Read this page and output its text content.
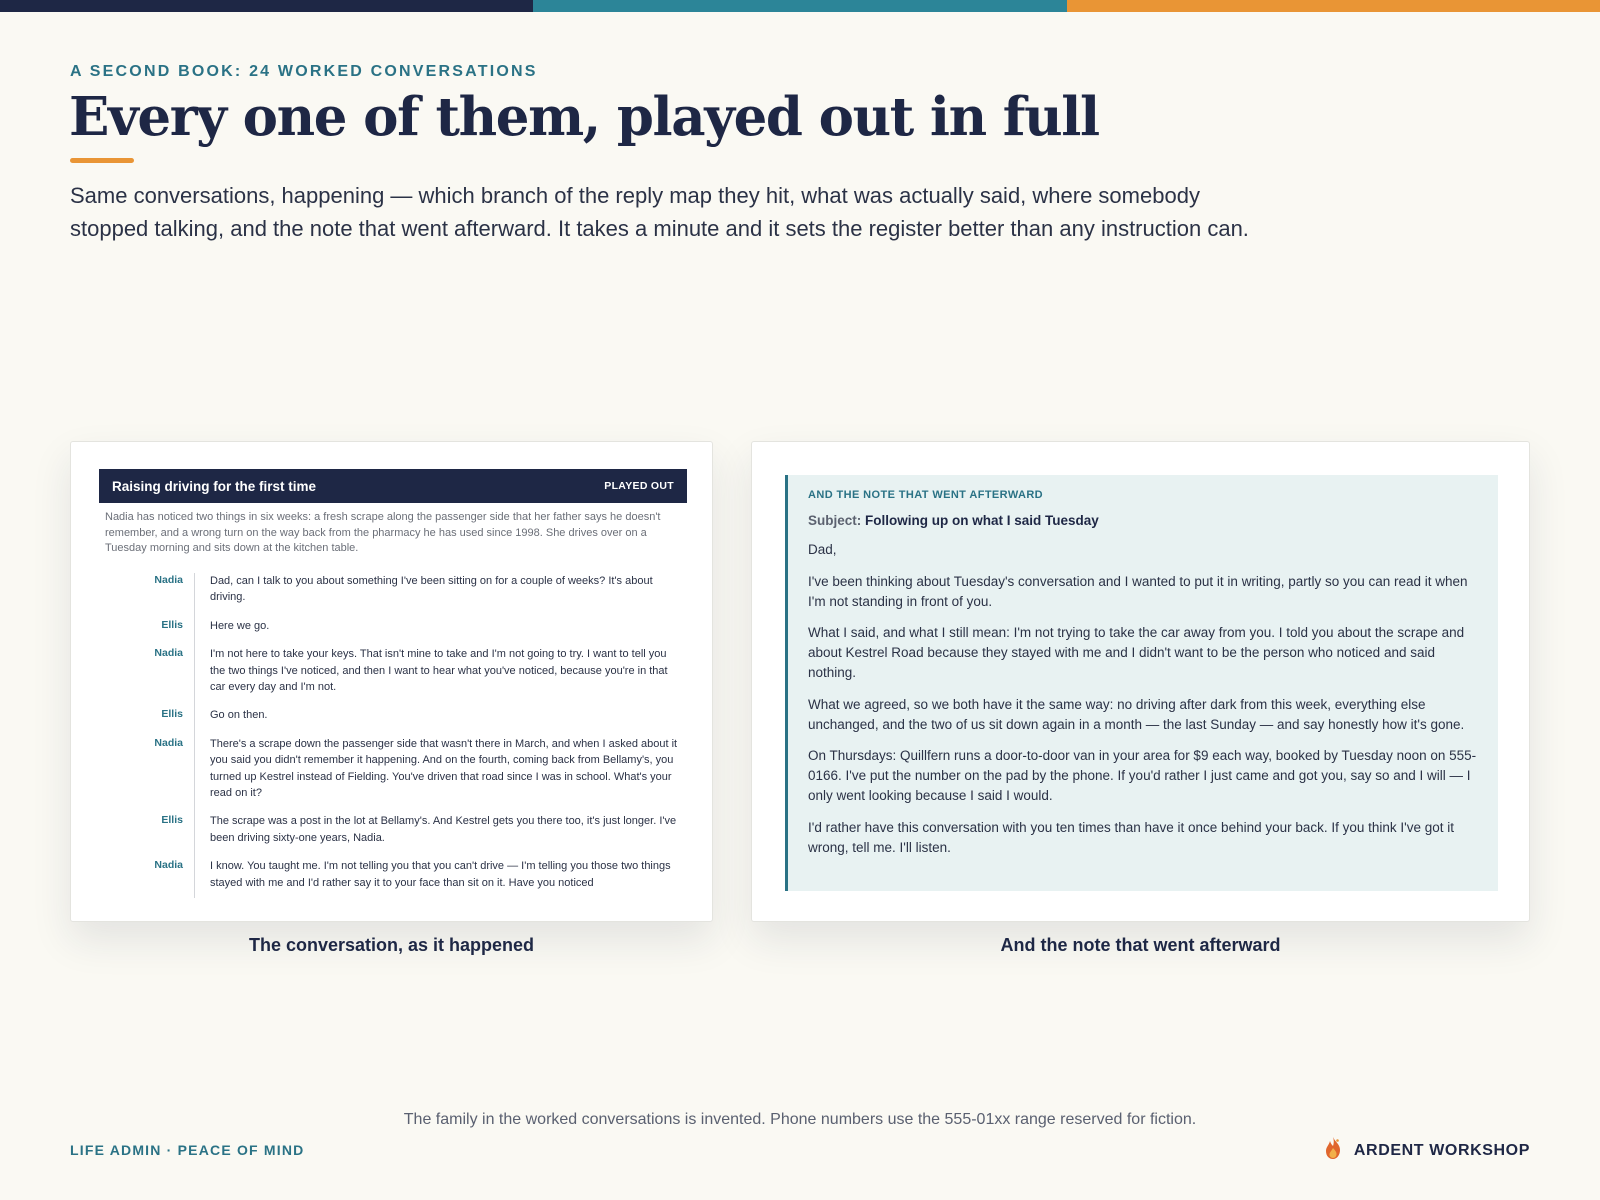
A SECOND BOOK: 24 WORKED CONVERSATIONS
Every one of them, played out in full

Same conversations, happening — which branch of the reply map they hit, what was actually said, where somebody stopped talking, and the note that went afterward. It takes a minute and it sets the register better than any instruction can.

Raising driving for the first time	PLAYED OUT

Nadia has noticed two things in six weeks: a fresh scrape along the passenger side that her father says he doesn't remember, and a wrong turn on the way back from the pharmacy he has used since 1998. She drives over on a Tuesday morning and sits down at the kitchen table.

Nadia Dad, can I talk to you about something I've been sitting on for a couple of weeks? It's about driving.
Ellis Here we go.
Nadia I'm not here to take your keys. That isn't mine to take and I'm not going to try. I want to tell you the two things I've noticed, and then I want to hear what you've noticed, because you're in that car every day and I'm not.
Ellis Go on then.
Nadia There's a scrape down the passenger side that wasn't there in March, and when I asked about it you said you didn't remember it happening. And on the fourth, coming back from Bellamy's, you turned up Kestrel instead of Fielding. You've driven that road since I was in school. What's your read on it?
Ellis The scrape was a post in the lot at Bellamy's. And Kestrel gets you there too, it's just longer. I've been driving sixty-one years, Nadia.
Nadia I know. You taught me. I'm not telling you that you can't drive — I'm telling you those two things stayed with me and I'd rather say it to your face than sit on it. Have you noticed
The conversation, as it happened
AND THE NOTE THAT WENT AFTERWARD
Subject: Following up on what I said Tuesday

Dad,

I've been thinking about Tuesday's conversation and I wanted to put it in writing, partly so you can read it when I'm not standing in front of you.

What I said, and what I still mean: I'm not trying to take the car away from you. I told you about the scrape and about Kestrel Road because they stayed with me and I didn't want to be the person who noticed and said nothing.

What we agreed, so we both have it the same way: no driving after dark from this week, everything else unchanged, and the two of us sit down again in a month — the last Sunday — and say honestly how it's gone.

On Thursdays: Quillfern runs a door-to-door van in your area for $9 each way, booked by Tuesday noon on 555-0166. I've put the number on the pad by the phone. If you'd rather I just came and got you, say so and I will — I only went looking because I said I would.

I'd rather have this conversation with you ten times than have it once behind your back. If you think I've got it wrong, tell me. I'll listen.

And the note that went afterward
The family in the worked conversations is invented. Phone numbers use the 555-01xx range reserved for fiction.
LIFE ADMIN · PEACE OF MIND	ARDENT WORKSHOP
